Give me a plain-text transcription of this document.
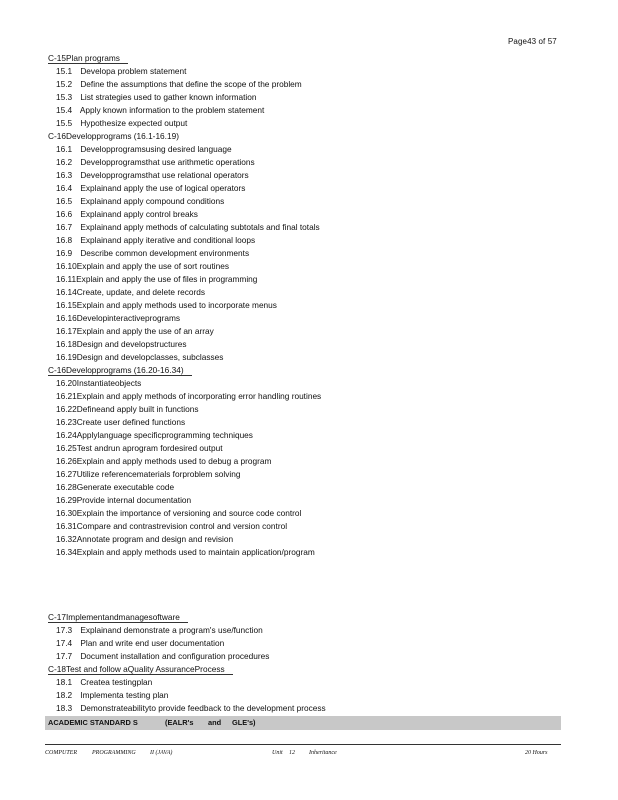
Page43 of 57
C-15Plan programs
15.1 Developa problem statement
15.2 Define the assumptions that define the scope of the problem
15.3 List strategies used to gather known information
15.4 Apply known information to the problem statement
15.5 Hypothesize expected output
C-16Developprograms (16.1-16.19)
16.1 Developprogramsusing desired language
16.2 Developprogramsthat use arithmetic operations
16.3 Developprogramsthat use relational operators
16.4 Explainand apply the use of logical operators
16.5 Explainand apply compound conditions
16.6 Explainand apply control breaks
16.7 Explainand apply methods of calculating subtotals and final totals
16.8 Explainand apply iterative and conditional loops
16.9 Describe common development environments
16.10Explain and apply the use of sort routines
16.11Explain and apply the use of files in programming
16.14Create, update, and delete records
16.15Explain and apply methods used to incorporate menus
16.16Developinteractiveprograms
16.17Explain and apply the use of an array
16.18Design and developstructures
16.19Design and developclasses, subclasses
C-16Developprograms (16.20-16.34)
16.20Instantiateobjects
16.21Explain and apply methods of incorporating error handling routines
16.22Defineand apply built in functions
16.23Create user defined functions
16.24Applylanguage specificprogramming techniques
16.25Test andrun aprogram fordesired output
16.26Explain and apply methods used to debug a program
16.27Utilize referencematerials forproblem solving
16.28Generate executable code
16.29Provide internal documentation
16.30Explain the importance of versioning and source code control
16.31Compare and contrastrevision control and version control
16.32Annotate program and design and revision
16.34Explain and apply methods used to maintain application/program
C-17Implementandmanagesoftware
17.3 Explainand demonstrate a program's use/function
17.4 Plan and write end user documentation
17.7 Document installation and configuration procedures
C-18Test and follow aQuality AssuranceProcess
18.1 Createa testingplan
18.2 Implementa testing plan
18.3 Demonstrateabilityto provide feedback to the development process
ACADEMIC STANDARD S	(EALR's and GLE's)
COMPUTER	PROGRAMMING II (JAVA)	Unit 12 Inheritance	20 Hours
